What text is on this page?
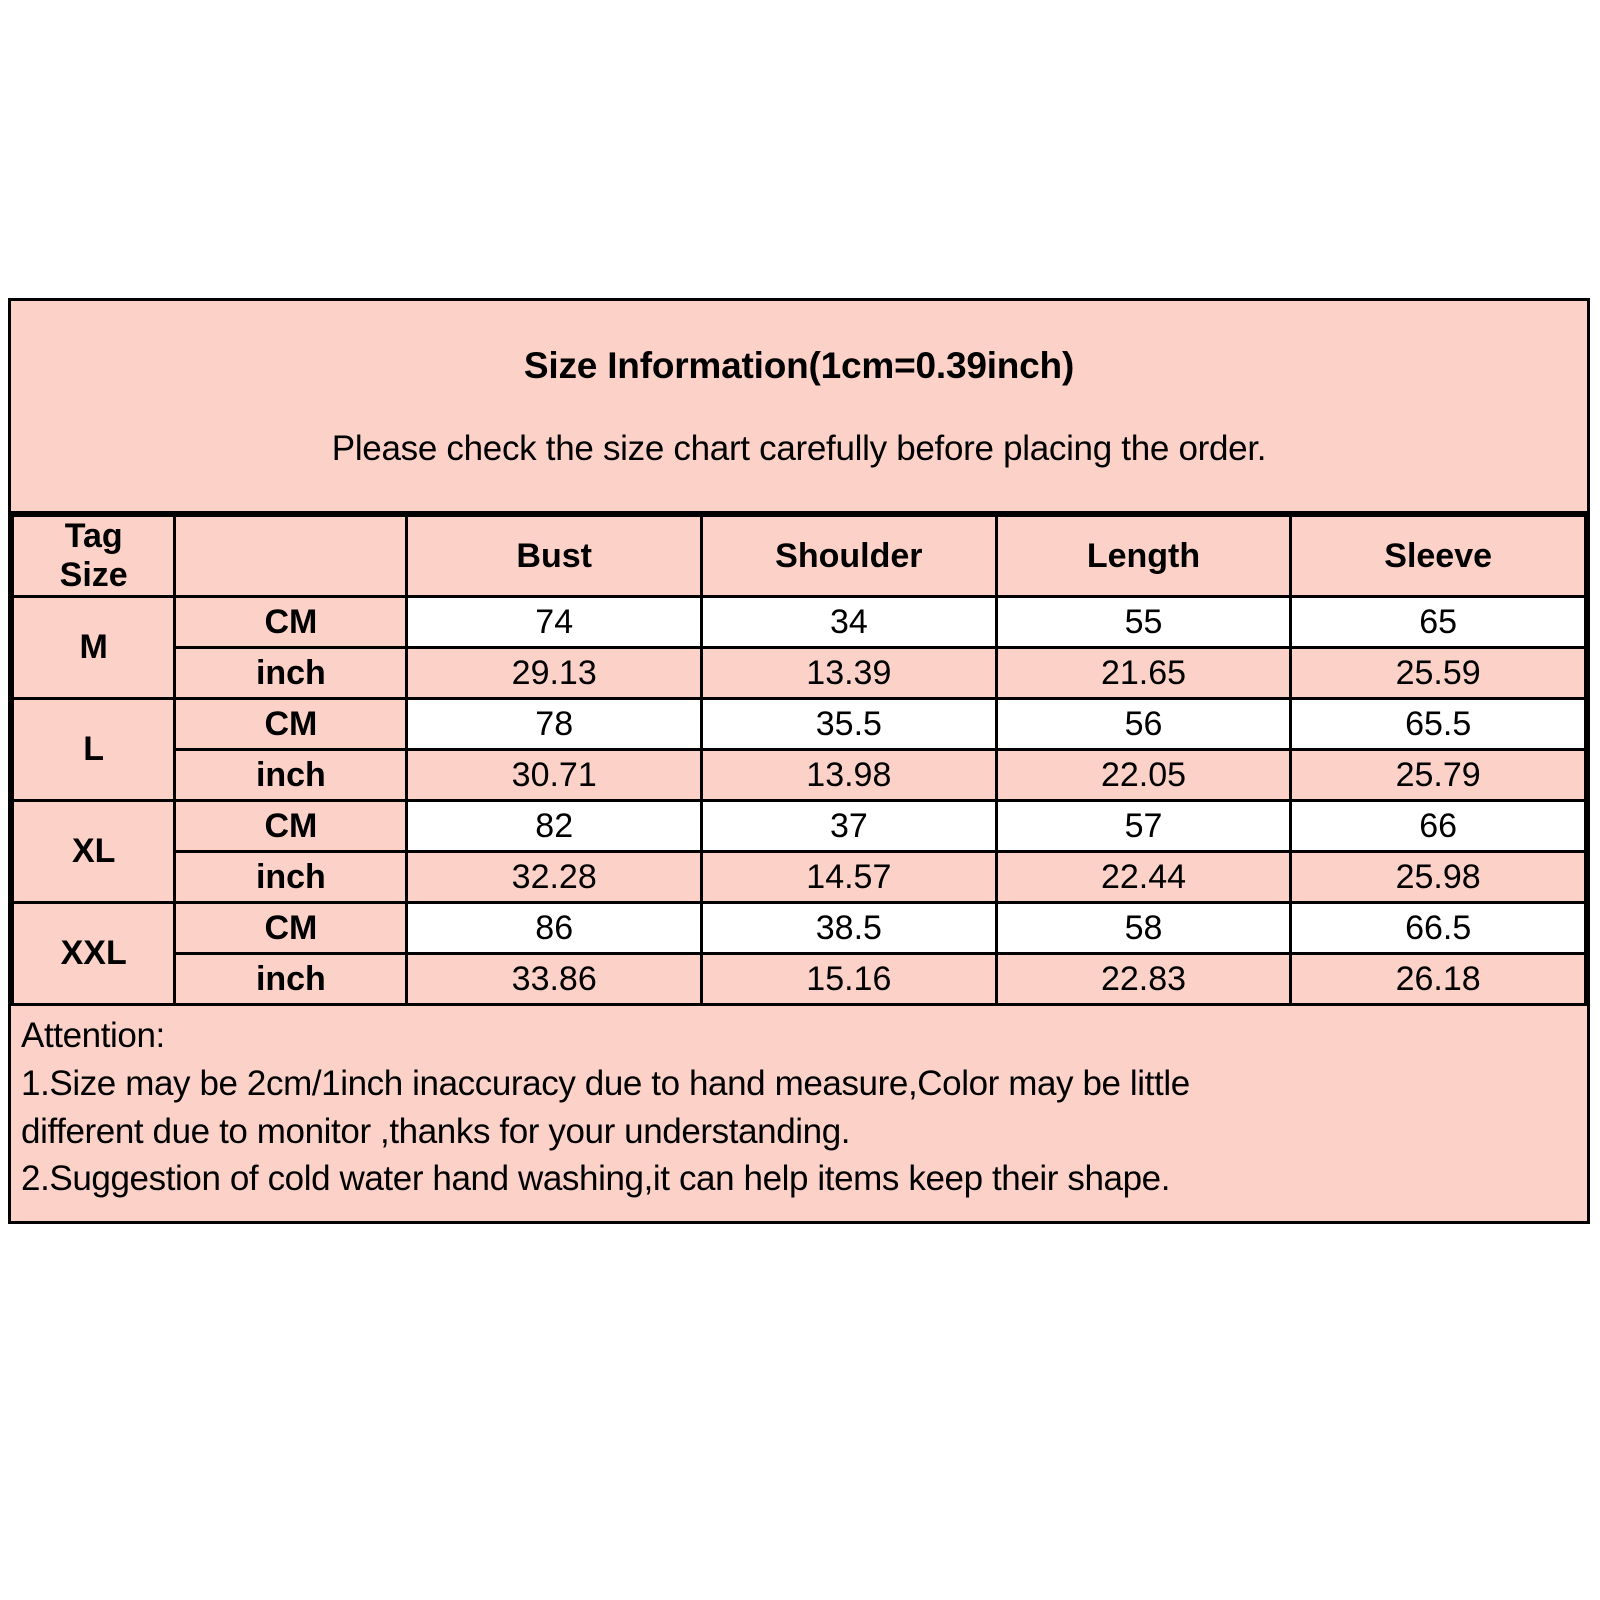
Size Information(1cm=0.39inch)
Please check the size chart carefully before placing the order.
Tag
Size		Bust	Shoulder	Length	Sleeve
M	CM	74	34	55	65
	inch	29.13	13.39	21.65	25.59
L	CM	78	35.5	56	65.5
	inch	30.71	13.98	22.05	25.79
XL	CM	82	37	57	66
	inch	32.28	14.57	22.44	25.98
XXL	CM	86	38.5	58	66.5
	inch	33.86	15.16	22.83	26.18
Attention:
1.Size may be 2cm/1inch inaccuracy due to hand measure,Color may be little
different due to monitor ,thanks for your understanding.
2.Suggestion of cold water hand washing,it can help items keep their shape.
